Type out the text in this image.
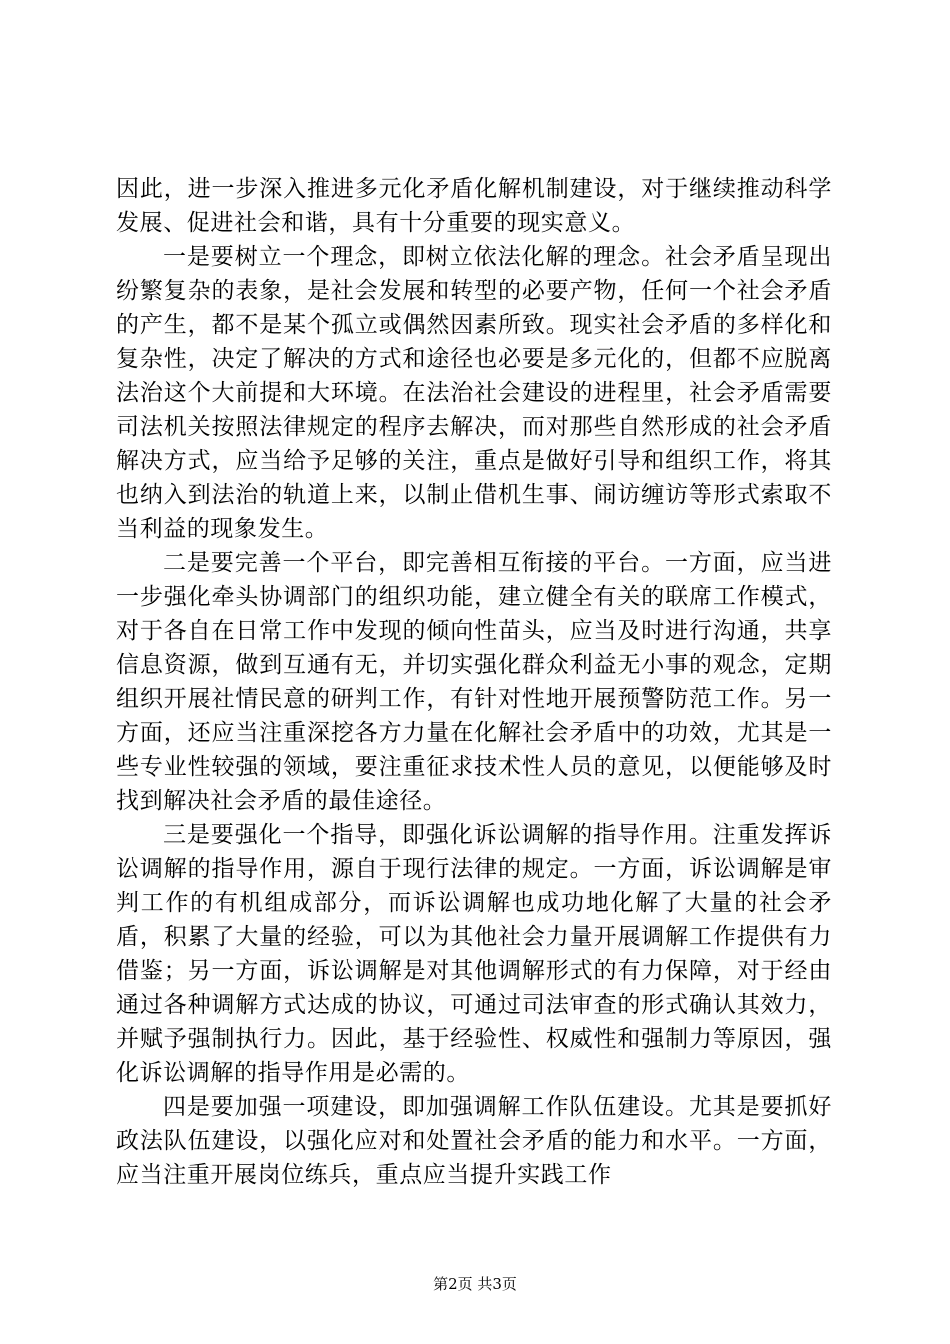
因此，进一步深入推进多元化矛盾化解机制建设，对于继续推动科学发展、促进社会和谐，具有十分重要的现实意义。

一是要树立一个理念，即树立依法化解的理念。社会矛盾呈现出纷繁复杂的表象，是社会发展和转型的必要产物，任何一个社会矛盾的产生，都不是某个孤立或偶然因素所致。现实社会矛盾的多样化和复杂性，决定了解决的方式和途径也必要是多元化的，但都不应脱离法治这个大前提和大环境。在法治社会建设的进程里，社会矛盾需要司法机关按照法律规定的程序去解决，而对那些自然形成的社会矛盾解决方式，应当给予足够的关注，重点是做好引导和组织工作，将其也纳入到法治的轨道上来，以制止借机生事、闹访缠访等形式索取不当利益的现象发生。

二是要完善一个平台，即完善相互衔接的平台。一方面，应当进一步强化牵头协调部门的组织功能，建立健全有关的联席工作模式，对于各自在日常工作中发现的倾向性苗头，应当及时进行沟通，共享信息资源，做到互通有无，并切实强化群众利益无小事的观念，定期组织开展社情民意的研判工作，有针对性地开展预警防范工作。另一方面，还应当注重深挖各方力量在化解社会矛盾中的功效，尤其是一些专业性较强的领域，要注重征求技术性人员的意见，以便能够及时找到解决社会矛盾的最佳途径。

三是要强化一个指导，即强化诉讼调解的指导作用。注重发挥诉讼调解的指导作用，源自于现行法律的规定。一方面，诉讼调解是审判工作的有机组成部分，而诉讼调解也成功地化解了大量的社会矛盾，积累了大量的经验，可以为其他社会力量开展调解工作提供有力借鉴；另一方面，诉讼调解是对其他调解形式的有力保障，对于经由通过各种调解方式达成的协议，可通过司法审查的形式确认其效力，并赋予强制执行力。因此，基于经验性、权威性和强制力等原因，强化诉讼调解的指导作用是必需的。

四是要加强一项建设，即加强调解工作队伍建设。尤其是要抓好政法队伍建设，以强化应对和处置社会矛盾的能力和水平。一方面，应当注重开展岗位练兵，重点应当提升实践工作

第2页 共3页
